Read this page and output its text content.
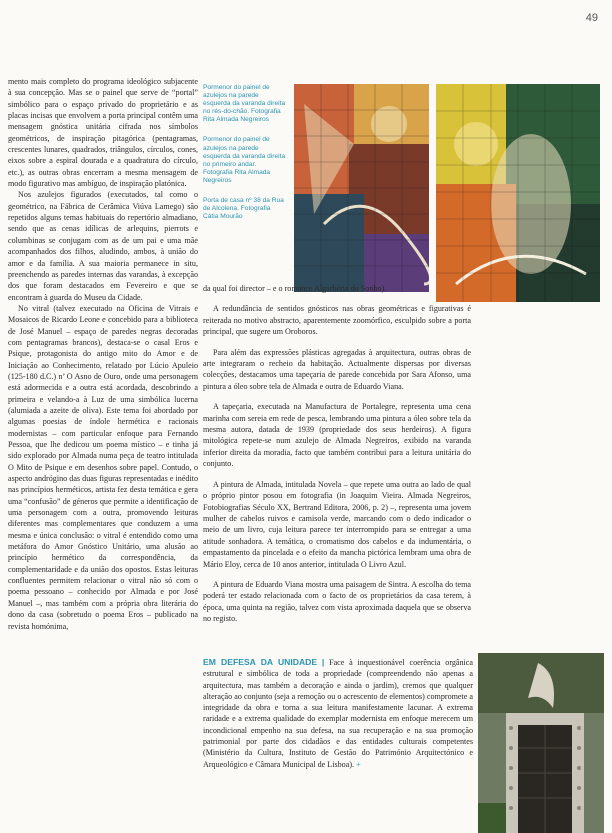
49

mento mais completo do programa ideológico subjacente à sua concepção. Mas se o painel que serve de “portal” simbólico para o espaço privado do proprietário e as placas incisas que envolvem a porta principal contêm uma mensagem gnóstica unitária cifrada nos símbolos geométricos, de inspiração pitagórica (pentagramas, crescentes lunares, quadrados, triângulos, círculos, cones, eixos sobre a espiral dourada e a quadratura do círculo, etc.), as outras obras encerram a mesma mensagem de modo figurativo mas ambíguo, de inspiração platónica.

Nos azulejos figurados (executados, tal como o geométrico, na Fábrica de Cerâmica Viúva Lamego) são repetidos alguns temas habituais do repertório almadiano, sendo que as cenas idílicas de arlequins, pierrots e columbinas se conjugam com as de um pai e uma mãe acompanhados dos filhos, aludindo, ambos, à união do amor e da família. A sua maioria permanece in situ, preenchendo as paredes internas das varandas, à excepção dos que foram destacados em Fevereiro e que se encontram à guarda do Museu da Cidade.

No vitral (talvez executado na Oficina de Vitrais e Mosaicos de Ricardo Leone e concebido para a biblioteca de José Manuel – espaço de paredes negras decoradas com pentagramas brancos), destaca-se o casal Eros e Psique, protagonista do antigo mito do Amor e de Iniciação ao Conhecimento, relatado por Lúcio Apuleio (125-180 d.C.) n’ O Asno de Ouro, onde uma personagem está adormecida e a outra está acordada, descobrindo a primeira e velando-a à Luz de uma simbólica lucerna (alumiada a azeite de oliva). Este tema foi abordado por algumas poesias de índole hermética e racionais modernistas – com particular enfoque para Fernando Pessoa, que lhe dedicou um poema místico – e tinha já sido explorado por Almada numa peça de teatro intitulada O Mito de Psique e em desenhos sobre papel. Contudo, o aspecto andrógino das duas figuras representadas e inédito nas princípios herméticos, artista fez desta temática e gera uma “confusão” de géneros que permite a identificação de uma personagem com a outra, promovendo leituras diferentes mas complementares que conduzem a uma mesma e única conclusão: o vitral é entendido como uma metáfora do Amor Gnóstico Unitário, uma alusão ao princípio hermético da correspondência, da complementaridade e da união dos opostos. Estas leituras confluentes permitem relacionar o vitral não só com o poema pessoano – conhecido por Almada e por José Manuel –, mas também com a própria obra literária do dono da casa (sobretudo o poema Eros – publicado na revista homónima,

Pormenor do painel de azulejos na parede esquerda da varanda direita no rés-do-chão. Fotografia Rita Almada Negreiros

Pormenor do painel de azulejos na parede esquerda da varanda direita no primeiro andar. Fotografia Rita Almada Negreiros

Porta de casa nº 38 da Rua de Alcolena. Fotografia Cátia Mourão

da qual foi director – e o romance Algarbéria do Sonho).

A redundância de sentidos gnósticos nas obras geométricas e figurativas é reiterada no motivo abstracto, aparentemente zoomórfico, esculpido sobre a porta principal, que sugere um Oroboros.

Para além das expressões plásticas agregadas à arquitectura, outras obras de arte integraram o recheio da habitação. Actualmente dispersas por diversas colecções, destacamos uma tapeçaria de parede concebida por Sara Afonso, uma pintura a óleo sobre tela de Almada e outra de Eduardo Viana.

A tapeçaria, executada na Manufactura de Portalegre, representa uma cena marinha com sereia em rede de pesca, lembrando uma pintura a óleo sobre tela da mesma autora, datada de 1939 (propriedade dos seus herdeiros). A figura mitológica repete-se num azulejo de Almada Negreiros, exibido na varanda inferior direita da moradia, facto que também contribui para a leitura unitária do conjunto.

A pintura de Almada, intitulada Novela – que repete uma outra ao lado de qual o próprio pintor posou em fotografia (in Joaquim Vieira. Almada Negreiros, Fotobiografias Século XX, Bertrand Editora, 2006, p. 2) –, representa uma jovem mulher de cabelos ruivos e camisola verde, marcando com o dedo indicador o meio de um livro, cuja leitura parece ter interrompido para se entregar a uma atitude sonhadora. A temática, o cromatismo dos cabelos e da indumentária, o empastamento da pincelada e o efeito da mancha pictórica lembram uma obra de Mário Eloy, cerca de 10 anos anterior, intitulada O Livro Azul.

A pintura de Eduardo Viana mostra uma paisagem de Sintra. A escolha do tema poderá ter estado relacionada com o facto de os proprietários da casa terem, à época, uma quinta na região, talvez com vista aproximada daquela que se observa no registo.

EM DEFESA DA UNIDADE | Face à inquestionável coerência orgânica estrutural e simbólica de toda a propriedade (compreendendo não apenas a arquitectura, mas também a decoração e ainda o jardim), cremos que qualquer alteração ao conjunto (seja a remoção ou o acrescento de elementos) compromete a integridade da obra e torna a sua leitura manifestamente lacunar. A extrema raridade e a extrema qualidade do exemplar modernista em enfoque merecem um incondicional empenho na sua defesa, na sua recuperação e na sua promoção patrimonial por parte dos cidadãos e das entidades culturais competentes (Ministério da Cultura, Instituto de Gestão do Património Arquitectónico e Arqueológico e Câmara Municipal de Lisboa). +
